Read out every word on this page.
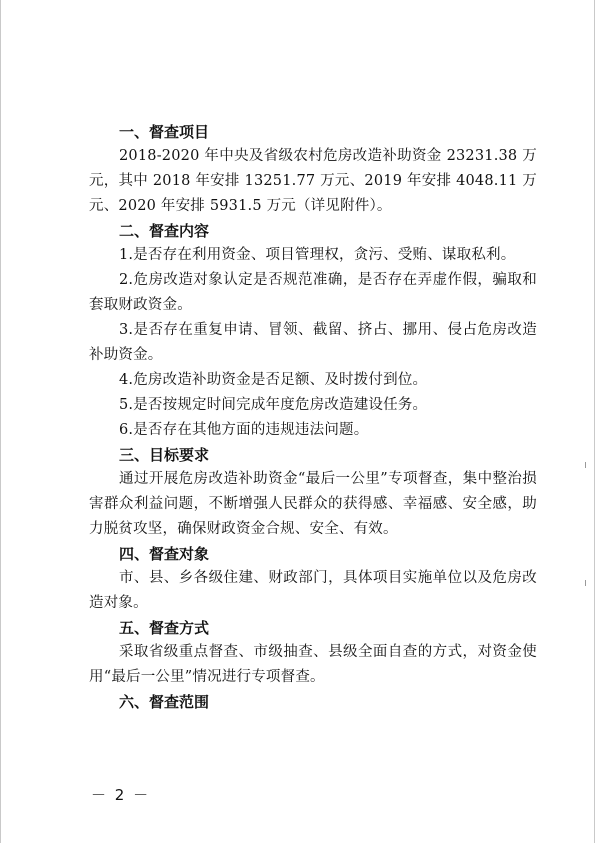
一、督查项目

2018-2020 年中央及省级农村危房改造补助资金 23231.38 万元，其中 2018 年安排 13251.77 万元、2019 年安排 4048.11 万元、2020 年安排 5931.5 万元（详见附件）。

二、督查内容

1.是否存在利用资金、项目管理权，贪污、受贿、谋取私利。

2.危房改造对象认定是否规范准确，是否存在弄虚作假，骗取和套取财政资金。

3.是否存在重复申请、冒领、截留、挤占、挪用、侵占危房改造补助资金。

4.危房改造补助资金是否足额、及时拨付到位。

5.是否按规定时间完成年度危房改造建设任务。

6.是否存在其他方面的违规违法问题。

三、目标要求

通过开展危房改造补助资金“最后一公里”专项督查，集中整治损害群众利益问题，不断增强人民群众的获得感、幸福感、安全感，助力脱贫攻坚，确保财政资金合规、安全、有效。

四、督查对象

市、县、乡各级住建、财政部门，具体项目实施单位以及危房改造对象。

五、督查方式

采取省级重点督查、市级抽查、县级全面自查的方式，对资金使用“最后一公里”情况进行专项督查。

六、督查范围

－ 2 －
